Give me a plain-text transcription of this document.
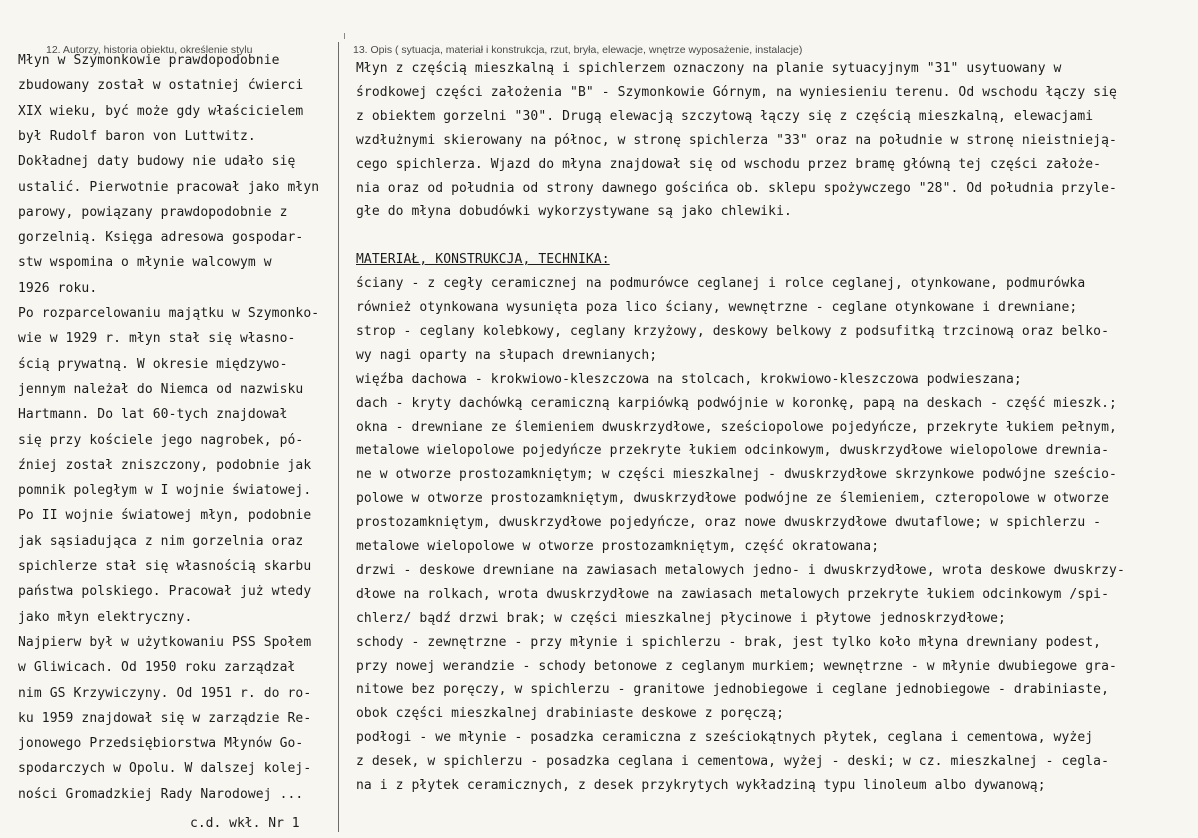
12. Autorzy, historia obiektu, określenie stylu	13. Opis ( sytuacja, materiał i konstrukcja, rzut, bryła, elewacje, wnętrze wyposażenie, instalacje)
Młyn w Szymonkowie prawdopodobnie
zbudowany został w ostatniej ćwierci
XIX wieku, być może gdy właścicielem
był Rudolf baron von Luttwitz.
Dokładnej daty budowy nie udało się
ustalić. Pierwotnie pracował jako młyn
parowy, powiązany prawdopodobnie z
gorzelnią. Księga adresowa gospodar-
stw wspomina o młynie walcowym w
1926 roku.
Po rozparcelowaniu majątku w Szymonko-
wie w 1929 r. młyn stał się własno-
ścią prywatną. W okresie międzywo-
jennym należał do Niemca od nazwisku
Hartmann. Do lat 60-tych znajdował
się przy kościele jego nagrobek, pó-
źniej został zniszczony, podobnie jak
pomnik poległym w I wojnie światowej.
Po II wojnie światowej młyn, podobnie
jak sąsiadująca z nim gorzelnia oraz
spichlerze stał się własnością skarbu
państwa polskiego. Pracował już wtedy
jako młyn elektryczny.
Najpierw był w użytkowaniu PSS Społem
w Gliwicach. Od 1950 roku zarządzał
nim GS Krzywiczyny. Od 1951 r. do ro-
ku 1959 znajdował się w zarządzie Re-
jonowego Przedsiębiorstwa Młynów Go-
spodarczych w Opolu. W dalszej kolej-
ności Gromadzkiej Rady Narodowej ...
Młyn z częścią mieszkalną i spichlerzem oznaczony na planie sytuacyjnym "31" usytuowany w
środkowej części założenia "B" - Szymonkowie Górnym, na wyniesieniu terenu. Od wschodu łączy się
z obiektem gorzelni "30". Drugą elewacją szczytową łączy się z częścią mieszkalną, elewacjami
wzdłużnymi skierowany na północ, w stronę spichlerza "33" oraz na południe w stronę nieistnieją-
cego spichlerza. Wjazd do młyna znajdował się od wschodu przez bramę główną tej części założe-
nia oraz od południa od strony dawnego gościńca ob. sklepu spożywczego "28". Od południa przyle-
głe do młyna dobudówki wykorzystywane są jako chlewiki.
MATERIAŁ, KONSTRUKCJA, TECHNIKA:
ściany - z cegły ceramicznej na podmurówce ceglanej i rolce ceglanej, otynkowane, podmurówka
również otynkowana wysunięta poza lico ściany, wewnętrzne - ceglane otynkowane i drewniane;
strop - ceglany kolebkowy, ceglany krzyżowy, deskowy belkowy z podsufitką trzcinową oraz belko-
wy nagi oparty na słupach drewnianych;
więźba dachowa - krokwiowo-kleszczowa na stolcach, krokwiowo-kleszczowa podwieszana;
dach - kryty dachówką ceramiczną karpiówką podwójnie w koronkę, papą na deskach - część mieszk.;
okna - drewniane ze ślemieniem dwuskrzydłowe, sześciopolowe pojedyńcze, przekryte łukiem pełnym,
metalowe wielopolowe pojedyńcze przekryte łukiem odcinkowym, dwuskrzydłowe wielopolowe drewnia-
ne w otworze prostozamkniętym; w części mieszkalnej - dwuskrzydłowe skrzynkowe podwójne sześcio-
polowe w otworze prostozamkniętym, dwuskrzydłowe podwójne ze ślemieniem, czteropolowe w otworze
prostozamkniętym, dwuskrzydłowe pojedyńcze, oraz nowe dwuskrzydłowe dwutaflowe; w spichlerzu -
metalowe wielopolowe w otworze prostozamkniętym, część okratowana;
drzwi - deskowe drewniane na zawiasach metalowych jedno- i dwuskrzydłowe, wrota deskowe dwuskrzy-
dłowe na rolkach, wrota dwuskrzydłowe na zawiasach metalowych przekryte łukiem odcinkowym /spi-
chlerz/ bądź drzwi brak; w części mieszkalnej płycinowe i płytowe jednoskrzydłowe;
schody - zewnętrzne - przy młynie i spichlerzu - brak, jest tylko koło młyna drewniany podest,
przy nowej werandzie - schody betonowe z ceglanym murkiem; wewnętrzne - w młynie dwubiegowe gra-
nitowe bez poręczy, w spichlerzu - granitowe jednobiegowe i ceglane jednobiegowe - drabiniaste,
obok części mieszkalnej drabiniaste deskowe z poręczą;
podłogi - we młynie - posadzka ceramiczna z sześciokątnych płytek, ceglana i cementowa, wyżej
z desek, w spichlerzu - posadzka ceglana i cementowa, wyżej - deski; w cz. mieszkalnej - cegla-
na i z płytek ceramicznych, z desek przykrytych wykładziną typu linoleum albo dywanową;
c.d. wkł. Nr 1
